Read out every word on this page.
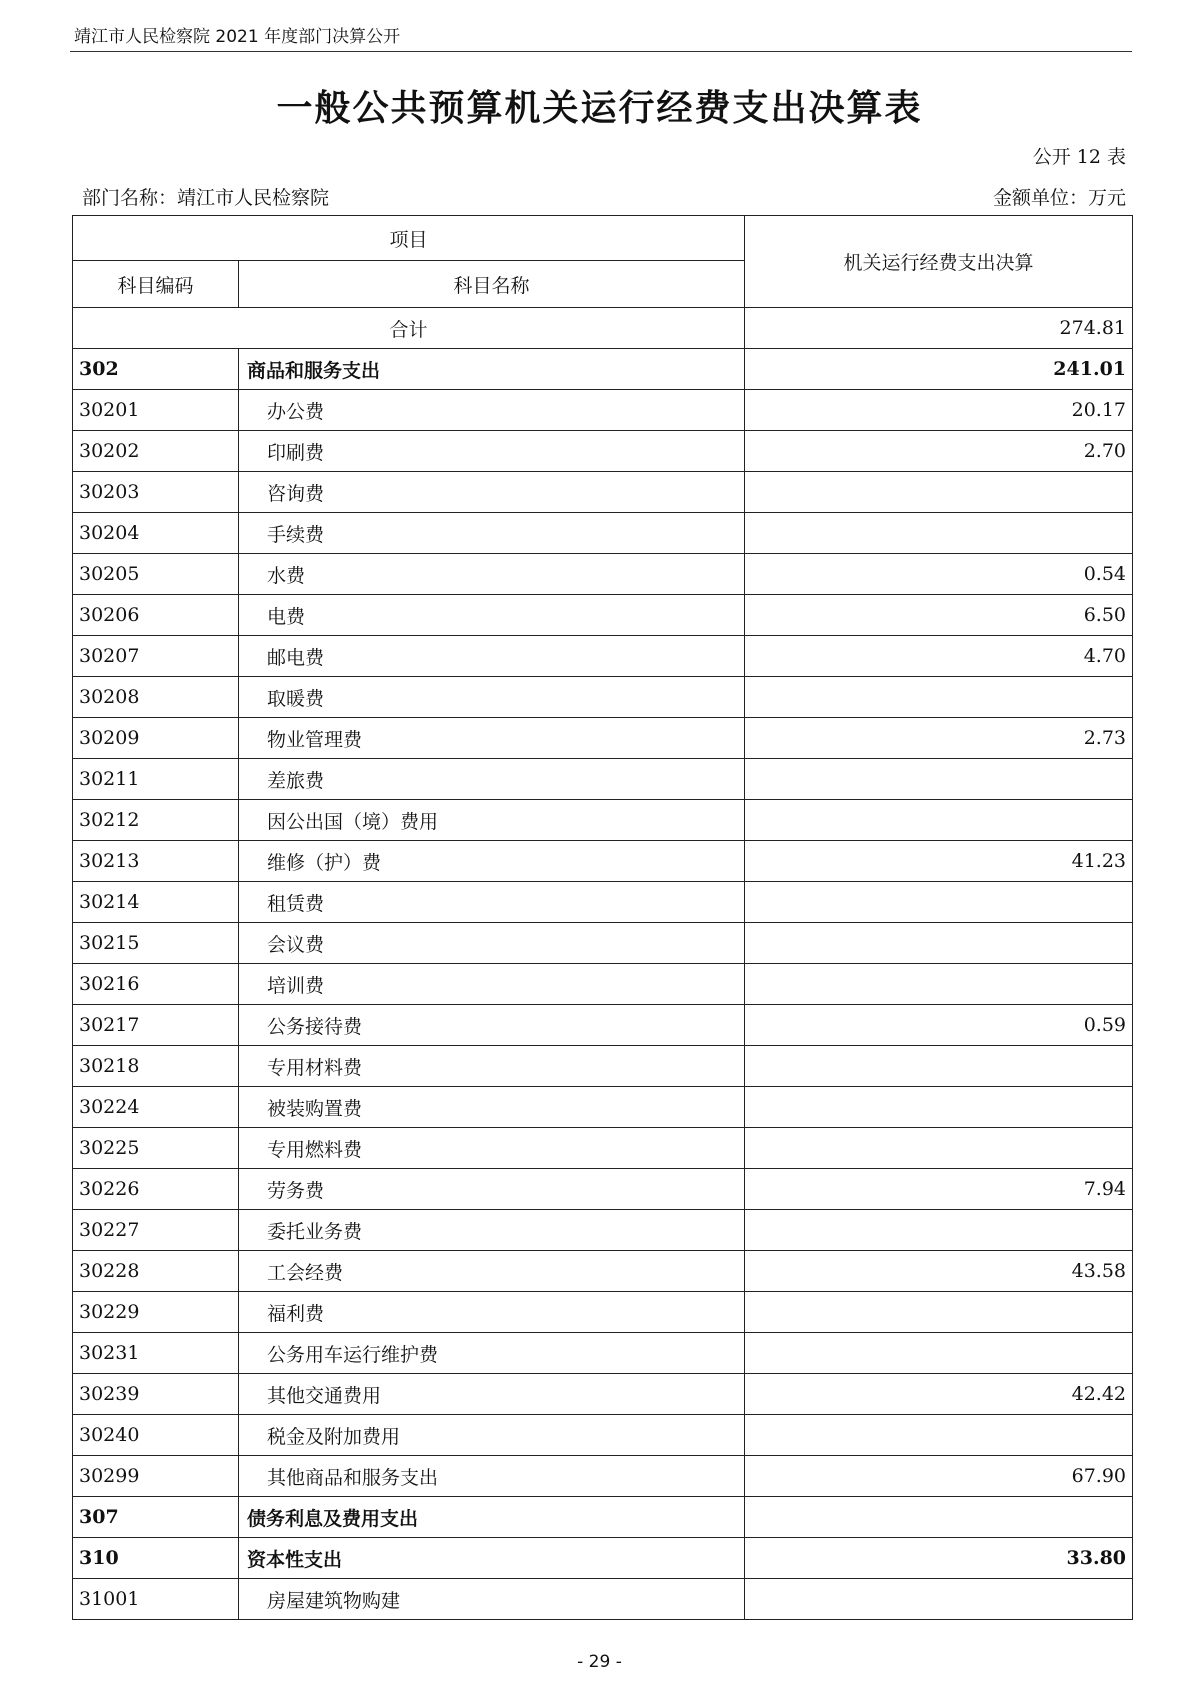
靖江市人民检察院 2021 年度部门决算公开
一般公共预算机关运行经费支出决算表
公开 12 表
部门名称：靖江市人民检察院	金额单位：万元
项目		机关运行经费支出决算
科目编码	科目名称	
合计		274.81
302	商品和服务支出	241.01
30201	办公费	20.17
30202	印刷费	2.70
30203	咨询费	
30204	手续费	
30205	水费	0.54
30206	电费	6.50
30207	邮电费	4.70
30208	取暖费	
30209	物业管理费	2.73
30211	差旅费	
30212	因公出国（境）费用	
30213	维修（护）费	41.23
30214	租赁费	
30215	会议费	
30216	培训费	
30217	公务接待费	0.59
30218	专用材料费	
30224	被装购置费	
30225	专用燃料费	
30226	劳务费	7.94
30227	委托业务费	
30228	工会经费	43.58
30229	福利费	
30231	公务用车运行维护费	
30239	其他交通费用	42.42
30240	税金及附加费用	
30299	其他商品和服务支出	67.90
307	债务利息及费用支出	
310	资本性支出	33.80
31001	房屋建筑物购建	
- 29 -
